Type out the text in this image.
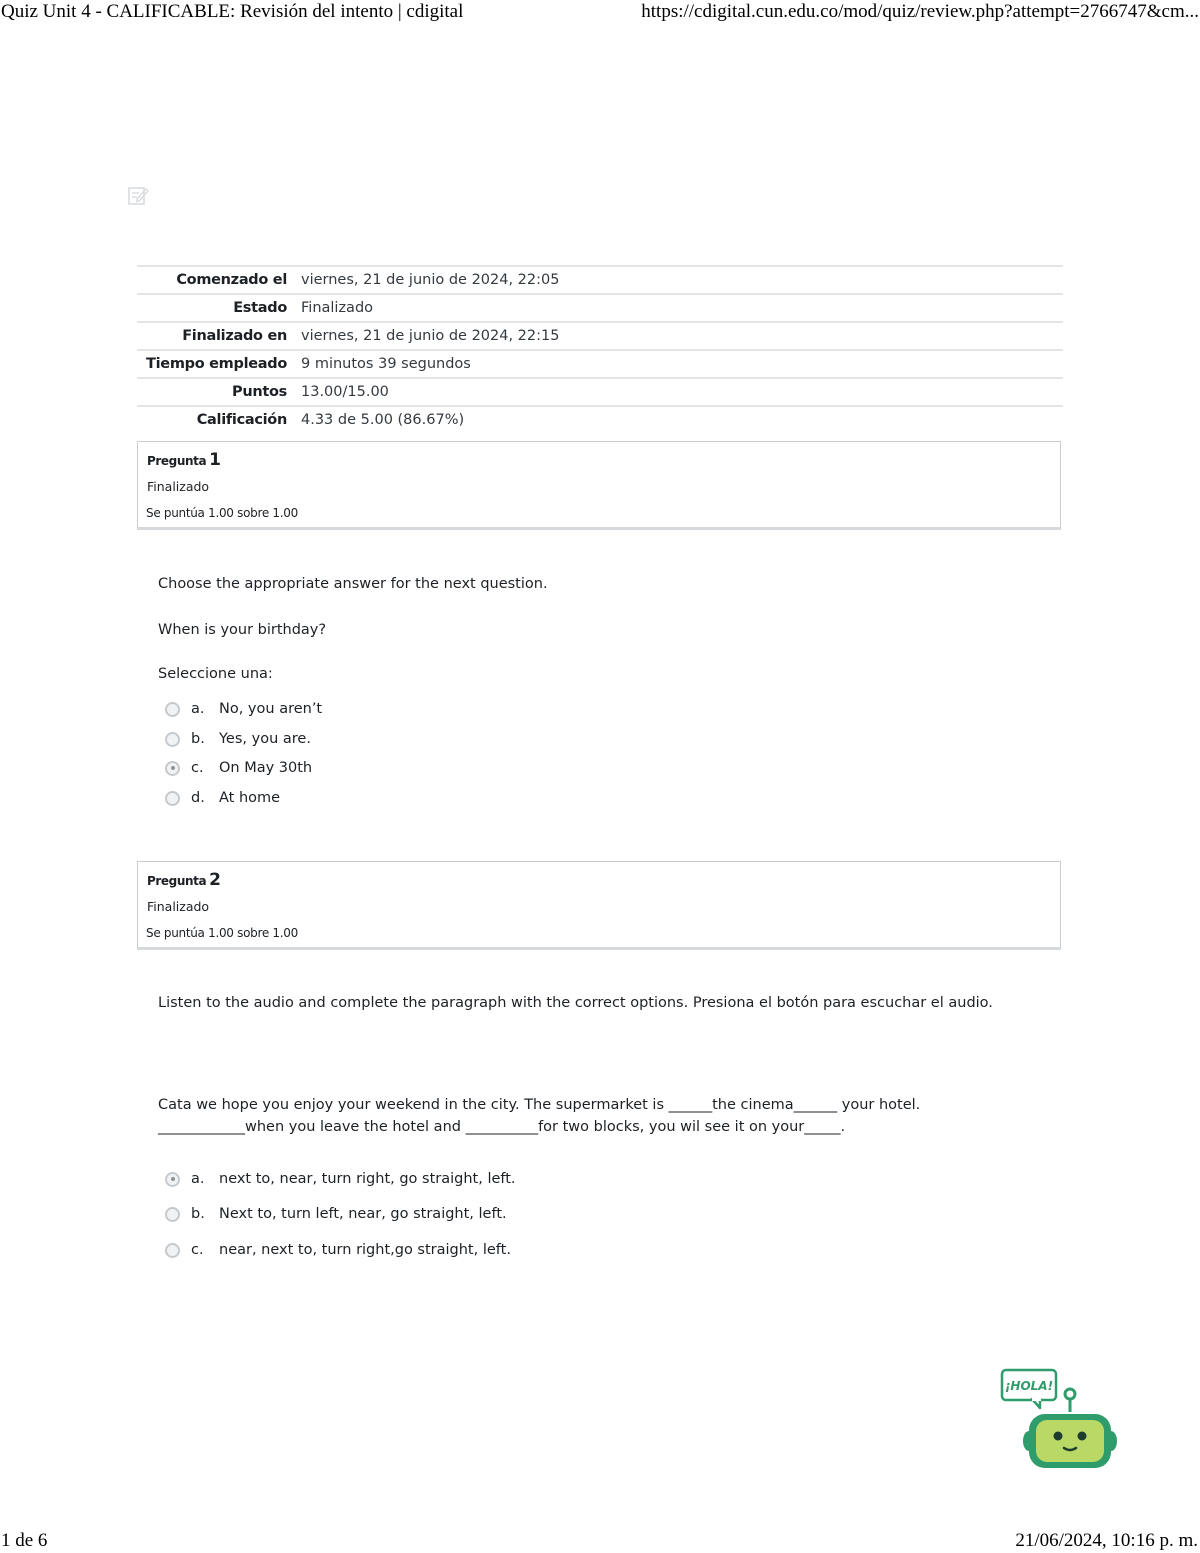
Quiz Unit 4 - CALIFICABLE: Revisión del intento | cdigital	https://cdigital.cun.edu.co/mod/quiz/review.php?attempt=2766747&cm...
Comenzado el	viernes, 21 de junio de 2024, 22:05
Estado	Finalizado
Finalizado en	viernes, 21 de junio de 2024, 22:15
Tiempo empleado	9 minutos 39 segundos
Puntos	13.00/15.00
Calificación	4.33 de 5.00 (86.67%)
Pregunta 1
Finalizado
Se puntúa 1.00 sobre 1.00
Choose the appropriate answer for the next question.
When is your birthday?
Seleccione una:
a.	No, you aren’t
b. Yes, you are.
c.	On May 30th
d. At home
Pregunta 2
Finalizado
Se puntúa 1.00 sobre 1.00
Listen to the audio and complete the paragraph with the correct options. Presiona el botón para escuchar el audio.
Cata we hope you enjoy your weekend in the city. The supermarket is ______the cinema______ your hotel. ____________when you leave the hotel and __________for two blocks, you wil see it on your_____.
a.	next to, near, turn right, go straight, left.
b. Next to, turn left, near, go straight, left.
c.	near, next to, turn right,go straight, left.
¡HOLA!
1 de 6	21/06/2024, 10:16 p. m.
